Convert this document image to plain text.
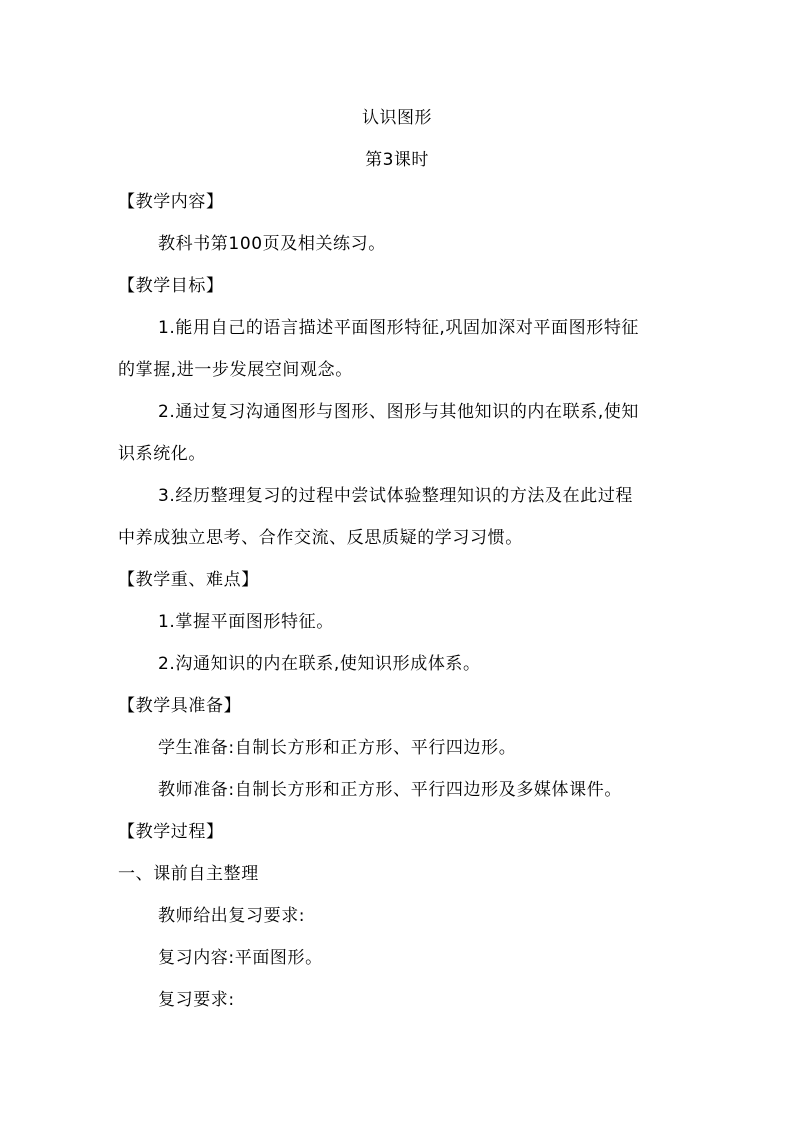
认识图形
第3课时
【教学内容】
教科书第100页及相关练习。
【教学目标】
1.能用自己的语言描述平面图形特征,巩固加深对平面图形特征
的掌握,进一步发展空间观念。
2.通过复习沟通图形与图形、图形与其他知识的内在联系,使知
识系统化。
3.经历整理复习的过程中尝试体验整理知识的方法及在此过程
中养成独立思考、合作交流、反思质疑的学习习惯。
【教学重、难点】
1.掌握平面图形特征。
2.沟通知识的内在联系,使知识形成体系。
【教学具准备】
学生准备:自制长方形和正方形、平行四边形。
教师准备:自制长方形和正方形、平行四边形及多媒体课件。
【教学过程】
一、课前自主整理
教师给出复习要求:
复习内容:平面图形。
复习要求:
